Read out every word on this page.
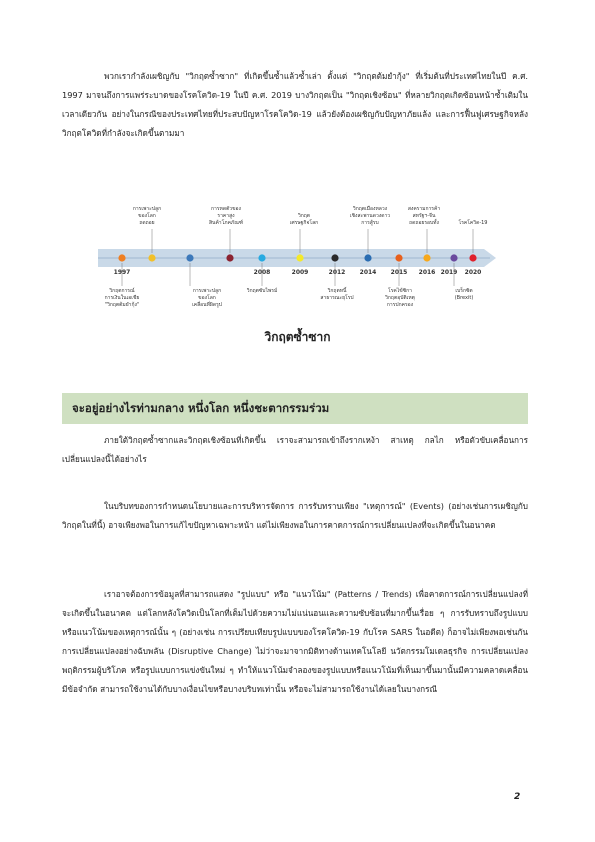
พวกเรากำลังเผชิญกับ "วิกฤตซ้ำซาก" ที่เกิดขึ้นซ้ำแล้วซ้ำเล่า ตั้งแต่ "วิกฤตต้มยำกุ้ง" ที่เริ่มต้นที่ประเทศไทยในปี ค.ศ. 1997 มาจนถึงการแพร่ระบาดของโรคโควิด-19 ในปี ค.ศ. 2019 บางวิกฤตเป็น "วิกฤตเชิงซ้อน" ที่หลายวิกฤตเกิดซ้อนหน้าซ้ำเติมในเวลาเดียวกัน อย่างในกรณีของประเทศไทยที่ประสบปัญหาโรคโควิด-19 แล้วยังต้องเผชิญกับปัญหาภัยแล้ง และการฟื้นฟูเศรษฐกิจหลังวิกฤตโควิดที่กำลังจะเกิดขึ้นตามมา

1997	2008	2009	2012 2014 2015 2016 2019 2020
การเพาะปลูก
ของโลก
ถดถอย
การหดตัวของ
ราคาสูง
สินค้าโภคภัณฑ์
วิกฤต
เศรษฐกิจโลก
วิกฤตเมืองหลวง
เชิงสะพานดวงดาว
การสู้รบ
สงครามการค้า
สหรัฐฯ-จีน
ถดถอยรอบทั้ง	โรคโควิด-19
วิกฤตการณ์
การเงินในเอเชีย
"วิกฤตต้มยำกุ้ง"
การเพาะปลูก
ของโลก
เคลื่อนที่ผิดรูป
วิกฤตซับไพรม์	วิกฤตหนี้
สาธารณะยุโรป
โรคไข้ซิกา
วิกฤตอุบัติเหตุ
การปกครอง
เบร็กซิต
(Brexit)
วิกฤตซ้ำซาก
จะอยู่อย่างไรท่ามกลาง หนึ่งโลก หนึ่งชะตากรรมร่วม

ภายใต้วิกฤตซ้ำซากและวิกฤตเชิงซ้อนที่เกิดขึ้น เราจะสามารถเข้าถึงรากเหง้า สาเหตุ กลไก หรือตัวขับเคลื่อนการเปลี่ยนแปลงนี้ได้อย่างไร

ในบริบทของการกำหนดนโยบายและการบริหารจัดการ การรับทราบเพียง "เหตุการณ์" (Events) (อย่างเช่นการเผชิญกับวิกฤตในที่นี้) อาจเพียงพอในการแก้ไขปัญหาเฉพาะหน้า แต่ไม่เพียงพอในการคาดการณ์การเปลี่ยนแปลงที่จะเกิดขึ้นในอนาคต

เราอาจต้องการข้อมูลที่สามารถแสดง "รูปแบบ" หรือ "แนวโน้ม" (Patterns / Trends) เพื่อคาดการณ์การเปลี่ยนแปลงที่จะเกิดขึ้นในอนาคต แต่โลกหลังโควิดเป็นโลกที่เต็มไปด้วยความไม่แน่นอนและความซับซ้อนที่มากขึ้นเรื่อย ๆ การรับทราบถึงรูปแบบหรือแนวโน้มของเหตุการณ์นั้น ๆ (อย่างเช่น การเปรียบเทียบรูปแบบของโรคโควิด-19 กับโรค SARS ในอดีต) ก็อาจไม่เพียงพอเช่นกัน การเปลี่ยนแปลงอย่างฉับพลัน (Disruptive Change) ไม่ว่าจะมาจากมิติทางด้านเทคโนโลยี นวัตกรรมโมเดลธุรกิจ การเปลี่ยนแปลงพฤติกรรมผู้บริโภค หรือรูปแบบการแข่งขันใหม่ ๆ ทำให้แนวโน้มจำลองของรูปแบบหรือแนวโน้มที่เห็นมาขึ้นมานั้นมีความคลาดเคลื่อน มีข้อจำกัด สามารถใช้งานได้กับบางเงื่อนไขหรือบางบริบทเท่านั้น หรือจะไม่สามารถใช้งานได้เลยในบางกรณี

2
